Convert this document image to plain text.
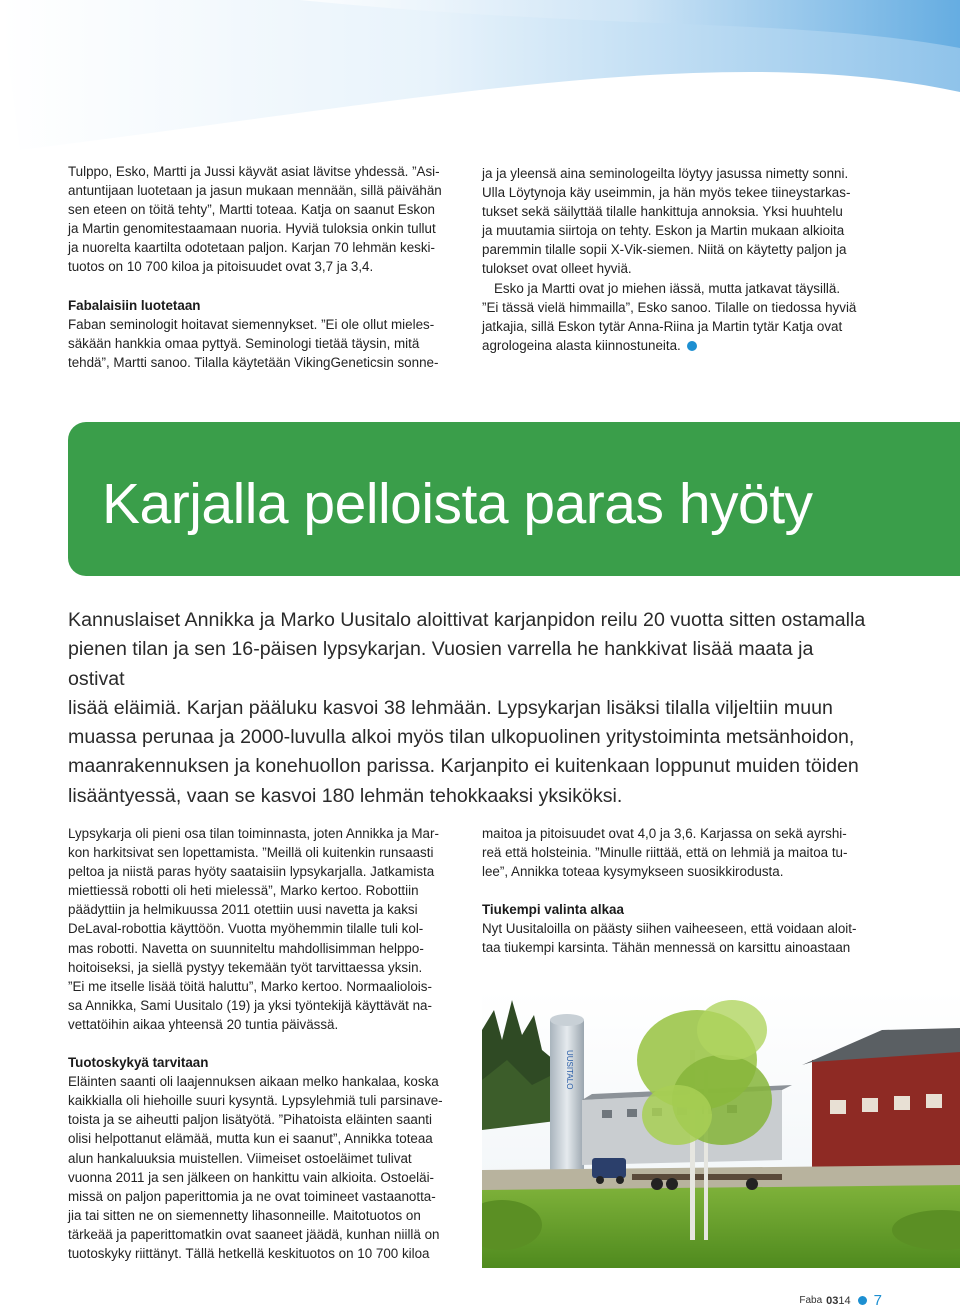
Tulppo, Esko, Martti ja Jussi käyvät asiat lävitse yhdessä. ”Asi-
antuntijaan luotetaan ja jasun mukaan mennään, sillä päivähän
sen eteen on töitä tehty”, Martti toteaa. Katja on saanut Eskon
ja Martin genomitestaamaan nuoria. Hyviä tuloksia onkin tullut
ja nuorelta kaartilta odotetaan paljon. Karjan 70 lehmän keski-
tuotos on 10 700 kiloa ja pitoisuudet ovat 3,7 ja 3,4.

Fabalaisiin luotetaan

Faban seminologit hoitavat siemennykset. ”Ei ole ollut mieles-
säkään hankkia omaa pyttyä. Seminologi tietää täysin, mitä
tehdä”, Martti sanoo. Tilalla käytetään VikingGeneticsin sonne-

ja ja yleensä aina seminologeilta löytyy jasussa nimetty sonni.
Ulla Löytynoja käy useimmin, ja hän myös tekee tiineystarkas-
tukset sekä säilyttää tilalle hankittuja annoksia. Yksi huuhtelu
ja muutamia siirtoja on tehty. Eskon ja Martin mukaan alkioita
paremmin tilalle sopii X-Vik-siemen. Niitä on käytetty paljon ja
tulokset ovat olleet hyviä.

Esko ja Martti ovat jo miehen iässä, mutta jatkavat täysillä.
”Ei tässä vielä himmailla”, Esko sanoo. Tilalle on tiedossa hyviä
jatkajia, sillä Eskon tytär Anna-Riina ja Martin tytär Katja ovat
agrologeina alasta kiinnostuneita.

Karjalla pelloista paras hyöty
Kannuslaiset Annikka ja Marko Uusitalo aloittivat karjanpidon reilu 20 vuotta sitten ostamalla
pienen tilan ja sen 16-päisen lypsykarjan. Vuosien varrella he hankkivat lisää maata ja ostivat
lisää eläimiä. Karjan pääluku kasvoi 38 lehmään. Lypsykarjan lisäksi tilalla viljeltiin muun
muassa perunaa ja 2000-luvulla alkoi myös tilan ulkopuolinen yritystoiminta metsänhoidon,
maanrakennuksen ja konehuollon parissa. Karjanpito ei kuitenkaan loppunut muiden töiden
lisääntyessä, vaan se kasvoi 180 lehmän tehokkaaksi yksiköksi.

Lypsykarja oli pieni osa tilan toiminnasta, joten Annikka ja Mar-
kon harkitsivat sen lopettamista. ”Meillä oli kuitenkin runsaasti
peltoa ja niistä paras hyöty saataisiin lypsykarjalla. Jatkamista
miettiessä robotti oli heti mielessä”, Marko kertoo. Robottiin
päädyttiin ja helmikuussa 2011 otettiin uusi navetta ja kaksi
DeLaval-robottia käyttöön. Vuotta myöhemmin tilalle tuli kol-
mas robotti. Navetta on suunniteltu mahdollisimman helppo-
hoitoiseksi, ja siellä pystyy tekemään työt tarvittaessa yksin.
”Ei me itselle lisää töitä haluttu”, Marko kertoo. Normaaliolois-
sa Annikka, Sami Uusitalo (19) ja yksi työntekijä käyttävät na-
vettatöihin aikaa yhteensä 20 tuntia päivässä.

Tuotoskykyä tarvitaan

Eläinten saanti oli laajennuksen aikaan melko hankalaa, koska
kaikkialla oli hiehoille suuri kysyntä. Lypsylehmiä tuli parsinave-
toista ja se aiheutti paljon lisätyötä. ”Pihatoista eläinten saanti
olisi helpottanut elämää, mutta kun ei saanut”, Annikka toteaa
alun hankaluuksia muistellen. Viimeiset ostoeläimet tulivat
vuonna 2011 ja sen jälkeen on hankittu vain alkioita. Ostoeläi-
missä on paljon paperittomia ja ne ovat toimineet vastaanotta-
jia tai sitten ne on siemennetty lihasonneille. Maitotuotos on
tärkeää ja paperittomatkin ovat saaneet jäädä, kunhan niillä on
tuotoskyky riittänyt. Tällä hetkellä keskituotos on 10 700 kiloa

maitoa ja pitoisuudet ovat 4,0 ja 3,6. Karjassa on sekä ayrshi-
reä että holsteinia. ”Minulle riittää, että on lehmiä ja maitoa tu-
lee”, Annikka toteaa kysymykseen suosikkirodusta.

Tiukempi valinta alkaa

Nyt Uusitaloilla on päästy siihen vaiheeseen, että voidaan aloit-
taa tiukempi karsinta. Tähän mennessä on karsittu ainoastaan

UUSITALO
Faba 0314 7
